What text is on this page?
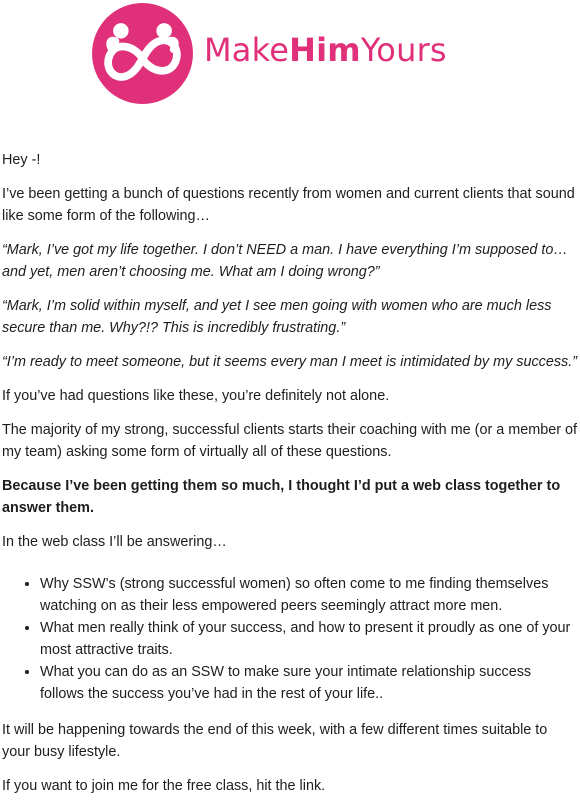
MakeHimYours

Hey -!

I’ve been getting a bunch of questions recently from women and current clients that sound like some form of the following…

“Mark, I’ve got my life together. I don’t NEED a man. I have everything I’m supposed to… and yet, men aren’t choosing me. What am I doing wrong?”

“Mark, I’m solid within myself, and yet I see men going with women who are much less secure than me. Why?!? This is incredibly frustrating.”

“I’m ready to meet someone, but it seems every man I meet is intimidated by my success.”

If you’ve had questions like these, you’re definitely not alone.

The majority of my strong, successful clients starts their coaching with me (or a member of my team) asking some form of virtually all of these questions.

Because I’ve been getting them so much, I thought I’d put a web class together to answer them.

In the web class I’ll be answering…

• Why SSW’s (strong successful women) so often come to me finding themselves watching on as their less empowered peers seemingly attract more men.
• What men really think of your success, and how to present it proudly as one of your most attractive traits.
• What you can do as an SSW to make sure your intimate relationship success follows the success you’ve had in the rest of your life..

It will be happening towards the end of this week, with a few different times suitable to your busy lifestyle.

If you want to join me for the free class, hit the link.
